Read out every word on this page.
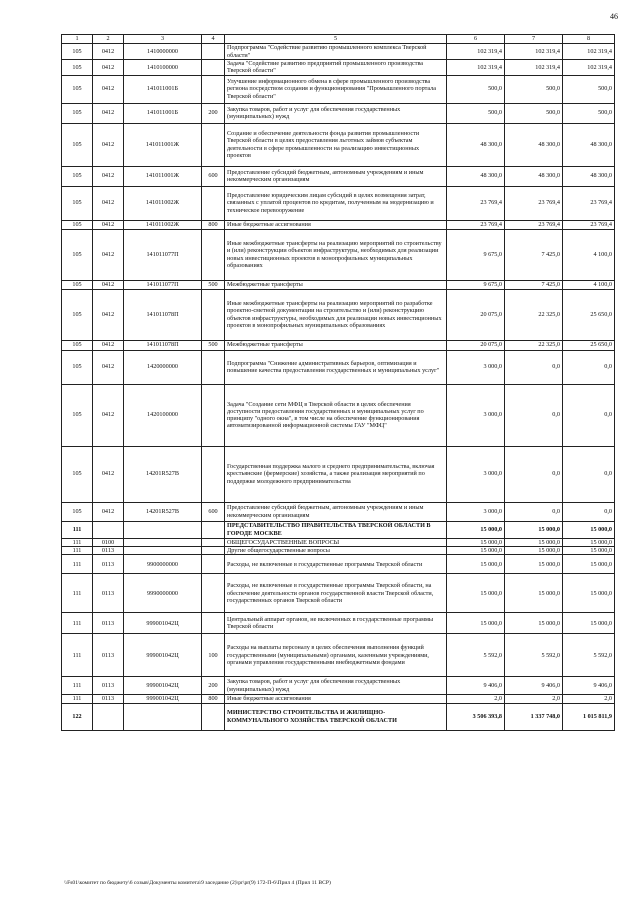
46
1	2	3	4	5	6	7	8
105	0412	1410000000		Подпрограмма "Содействие развитию промышленного комплекса Тверской области"	102 319,4	102 319,4	102 319,4
105	0412	1410100000		Задача "Содействие развитию предприятий промышленного производства Тверской области"	102 319,4	102 319,4	102 319,4
105	0412	141011001Б		Улучшение информационного обмена в сфере промышленного производства региона посредством создания и функционирования "Промышленного портала Тверской области"	500,0	500,0	500,0
105	0412	141011001Б	200	Закупка товаров, работ и услуг для обеспечения государственных (муниципальных) нужд	500,0	500,0	500,0
105	0412	141011001Ж		Создание и обеспечение деятельности фонда развития промышленности Тверской области в целях предоставления льготных займов субъектам деятельности в сфере промышленности на реализацию инвестиционных проектов	48 300,0	48 300,0	48 300,0
105	0412	141011001Ж	600	Предоставление субсидий бюджетным, автономным учреждениям и иным некоммерческим организациям	48 300,0	48 300,0	48 300,0
105	0412	141011002Ж		Предоставление юридическим лицам субсидий в целях возмещения затрат, связанных с уплатой процентов по кредитам, полученным на модернизацию и техническое перевооружение	23 769,4	23 769,4	23 769,4
105	0412	141011002Ж	800	Иные бюджетные ассигнования	23 769,4	23 769,4	23 769,4
105	0412	141011077П		Иные межбюджетные трансферты на реализацию мероприятий по строительству и (или) реконструкции объектов инфраструктуры, необходимых для реализации новых инвестиционных проектов в монопрофильных муниципальных образованиях	9 675,0	7 425,0	4 100,0
105	0412	141011077П	500	Межбюджетные трансферты	9 675,0	7 425,0	4 100,0
105	0412	141011078П		Иные межбюджетные трансферты на реализацию мероприятий по разработке проектно-сметной документации на строительство и (или) реконструкцию объектов инфраструктуры, необходимых для реализации новых инвестиционных проектов в монопрофильных муниципальных образованиях	20 075,0	22 325,0	25 650,0
105	0412	141011078П	500	Межбюджетные трансферты	20 075,0	22 325,0	25 650,0
105	0412	1420000000		Подпрограмма "Снижение административных барьеров, оптимизация и повышение качества предоставления государственных и муниципальных услуг"	3 000,0	0,0	0,0
105	0412	1420100000		Задача "Создание сети МФЦ в Тверской области в целях обеспечения доступности предоставления государственных и муниципальных услуг по принципу "одного окна", в том числе на обеспечение функционирования автоматизированной информационной системы ГАУ "МФЦ"	3 000,0	0,0	0,0
105	0412	14201R527В		Государственная поддержка малого и среднего предпринимательства, включая крестьянские (фермерские) хозяйства, а также реализация мероприятий по поддержке молодежного предпринимательства	3 000,0	0,0	0,0
105	0412	14201R527В	600	Предоставление субсидий бюджетным, автономным учреждениям и иным некоммерческим организациям	3 000,0	0,0	0,0
111				ПРЕДСТАВИТЕЛЬСТВО ПРАВИТЕЛЬСТВА ТВЕРСКОЙ ОБЛАСТИ В ГОРОДЕ МОСКВЕ	15 000,0	15 000,0	15 000,0
111	0100			ОБЩЕГОСУДАРСТВЕННЫЕ ВОПРОСЫ	15 000,0	15 000,0	15 000,0
111	0113			Другие общегосударственные вопросы	15 000,0	15 000,0	15 000,0
111	0113	9900000000		Расходы, не включенные в государственные программы Тверской области	15 000,0	15 000,0	15 000,0
111	0113	9990000000		Расходы, не включенные в государственные программы Тверской области, на обеспечение деятельности органов государственной власти Тверской области, государственных органов Тверской области	15 000,0	15 000,0	15 000,0
111	0113	999001042Ц		Центральный аппарат органов, не включенных в государственные программы Тверской области	15 000,0	15 000,0	15 000,0
111	0113	999001042Ц	100	Расходы на выплаты персоналу в целях обеспечения выполнения функций государственными (муниципальными) органами, казенными учреждениями, органами управления государственными внебюджетными фондами	5 592,0	5 592,0	5 592,0
111	0113	999001042Ц	200	Закупка товаров, работ и услуг для обеспечения государственных (муниципальных) нужд	9 406,0	9 406,0	9 406,0
111	0113	999001042Ц	800	Иные бюджетные ассигнования	2,0	2,0	2,0
122				МИНИСТЕРСТВО СТРОИТЕЛЬСТВА И ЖИЛИЩНО-КОММУНАЛЬНОГО ХОЗЯЙСТВА ТВЕРСКОЙ ОБЛАСТИ	3 506 393,8	1 337 748,0	1 015 811,9
\\Fs01\комитет по бюджету\6 созыв\Документы комитета\9 заседание (2)\pr\pr(9) 172-П-6\Прил 4 (Прил 11 ВСР)
